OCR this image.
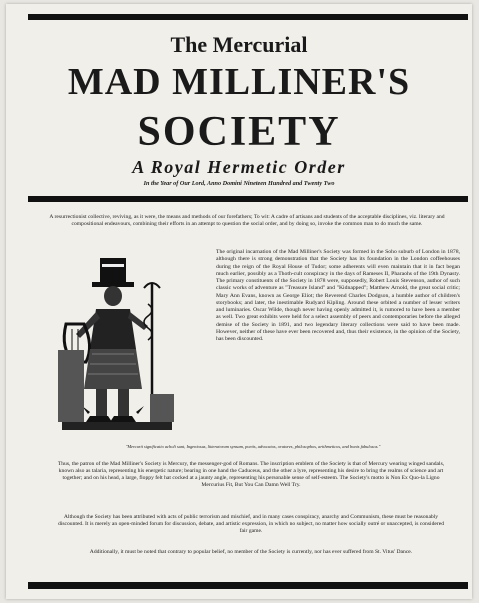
The Mercurial
MAD MILLINER'S
SOCIETY
A Royal Hermetic Order
In the Year of Our Lord, Anno Domini Nineteen Hundred and Twenty Two
A resurrectionist collective, reviving, as it were, the means and methods of our forefathers; To wit: A cadre of artisans and students of the acceptable disciplines, viz. literary and compositional endeavours, combining their efforts in an attempt to question the social order, and by doing so, invoke the common man to do much the same.
The original incarnation of the Mad Milliner's Society was formed in the Soho suburb of London in 1878, although there is strong demonstration that the Society has its foundation in the London coffeehouses during the reign of the Royal House of Tudor; some adherents will even maintain that it in fact began much earlier, possibly as a Thoth-cult conspiracy in the days of Rameses II, Pharaohs of the 19th Dynasty. The primary constituents of the Society in 1878 were, supposedly, Robert Louis Stevenson, author of such classic works of adventure as "Treasure Island" and "Kidnapped"; Matthew Arnold, the great social critic; Mary Ann Evans, known as George Eliot; the Reverend Charles Dodgson, a humble author of children's storybooks; and later, the inestimable Rudyard Kipling. Around these orbited a number of lesser writers and luminaries. Oscar Wilde, though never having openly admitted it, is rumored to have been a member as well. Two great exhibits were held for a select assembly of peers and contemporaries before the alleged demise of the Society in 1891, and two legendary literary collections were said to have been made. However, neither of these have ever been recovered and, thus their existence, in the opinion of the Society, has been discounted.
"Mercurii significatio acholi sunt, Ingeniosus, litteratorum synsum, poetis, advocatos, oratores, philosophos, arithmeticos, and bonis fabulosos."
Thus, the patron of the Mad Milliner's Society is Mercury, the messenger-god of Romans. The inscription emblem of the Society is that of Mercury wearing winged sandals, known also as talaria, representing his energetic nature; bearing in one hand the Caduceus, and the other a lyre, representing his desire to bring the realms of science and art together; and on his head, a large, floppy felt hat cocked at a jaunty angle, representing his personable sense of self-esteem. The Society's motto is Non Ex Quo-la Ligno Mercurius Fit, But You Can Damn Well Try.
Although the Society has been attributed with acts of public terrorism and mischief, and in many cases conspiracy, anarchy and Communism, these must be reasonably discounted. It is merely an open-minded forum for discussion, debate, and artistic expression, in which no subject, no matter how socially outré or unaccepted, is considered fair game.
Additionally, it must be noted that contrary to popular belief, no member of the Society is currently, nor has ever suffered from St. Vitus' Dance.
